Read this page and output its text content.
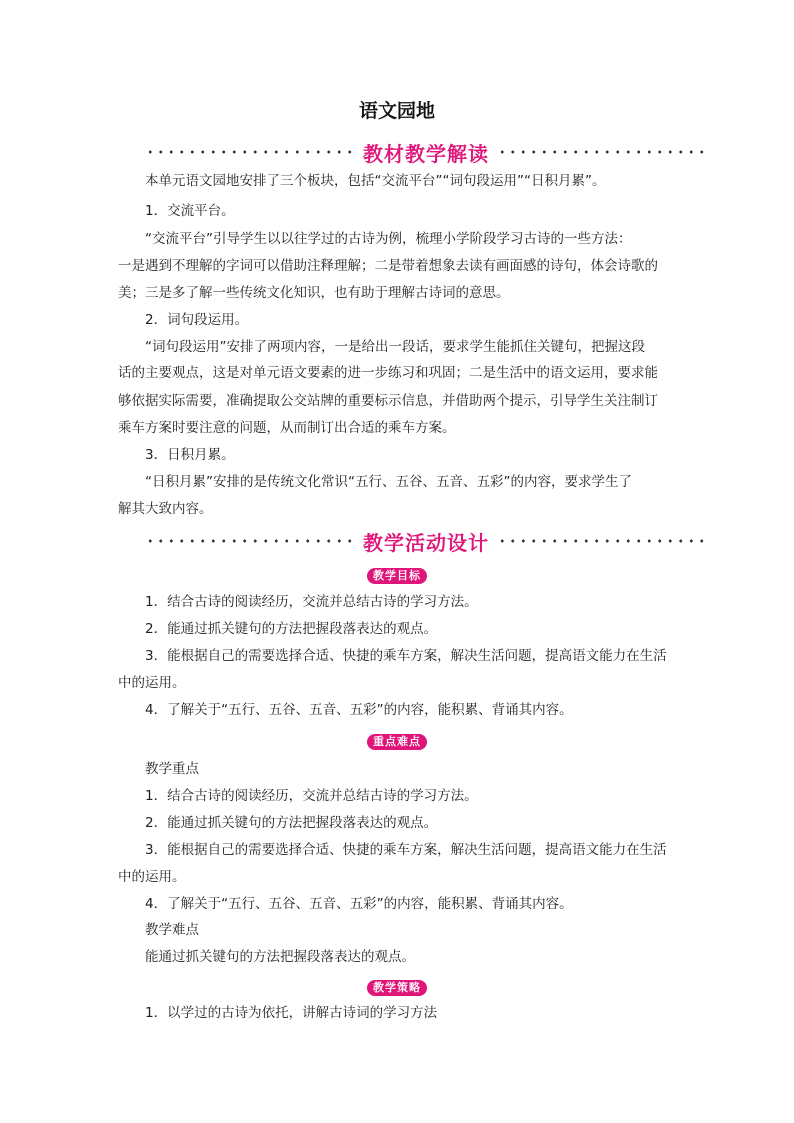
语文园地
教材教学解读
本单元语文园地安排了三个板块，包括“交流平台”“词句段运用”“日积月累”。
1．交流平台。
“交流平台”引导学生以以往学过的古诗为例，梳理小学阶段学习古诗的一些方法：
一是遇到不理解的字词可以借助注释理解；二是带着想象去读有画面感的诗句，体会诗歌的
美；三是多了解一些传统文化知识，也有助于理解古诗词的意思。
2．词句段运用。
“词句段运用”安排了两项内容，一是给出一段话，要求学生能抓住关键句，把握这段
话的主要观点，这是对单元语文要素的进一步练习和巩固；二是生活中的语文运用，要求能
够依据实际需要，准确提取公交站牌的重要标示信息，并借助两个提示，引导学生关注制订
乘车方案时要注意的问题，从而制订出合适的乘车方案。
3．日积月累。
“日积月累”安排的是传统文化常识“五行、五谷、五音、五彩”的内容，要求学生了
解其大致内容。
教学活动设计
教学目标
1．结合古诗的阅读经历，交流并总结古诗的学习方法。
2．能通过抓关键句的方法把握段落表达的观点。
3．能根据自己的需要选择合适、快捷的乘车方案，解决生活问题，提高语文能力在生活
中的运用。
4．了解关于“五行、五谷、五音、五彩”的内容，能积累、背诵其内容。
重点难点
教学重点
1．结合古诗的阅读经历，交流并总结古诗的学习方法。
2．能通过抓关键句的方法把握段落表达的观点。
3．能根据自己的需要选择合适、快捷的乘车方案，解决生活问题，提高语文能力在生活
中的运用。
4．了解关于“五行、五谷、五音、五彩”的内容，能积累、背诵其内容。
教学难点
能通过抓关键句的方法把握段落表达的观点。
教学策略
1．以学过的古诗为依托，讲解古诗词的学习方法
